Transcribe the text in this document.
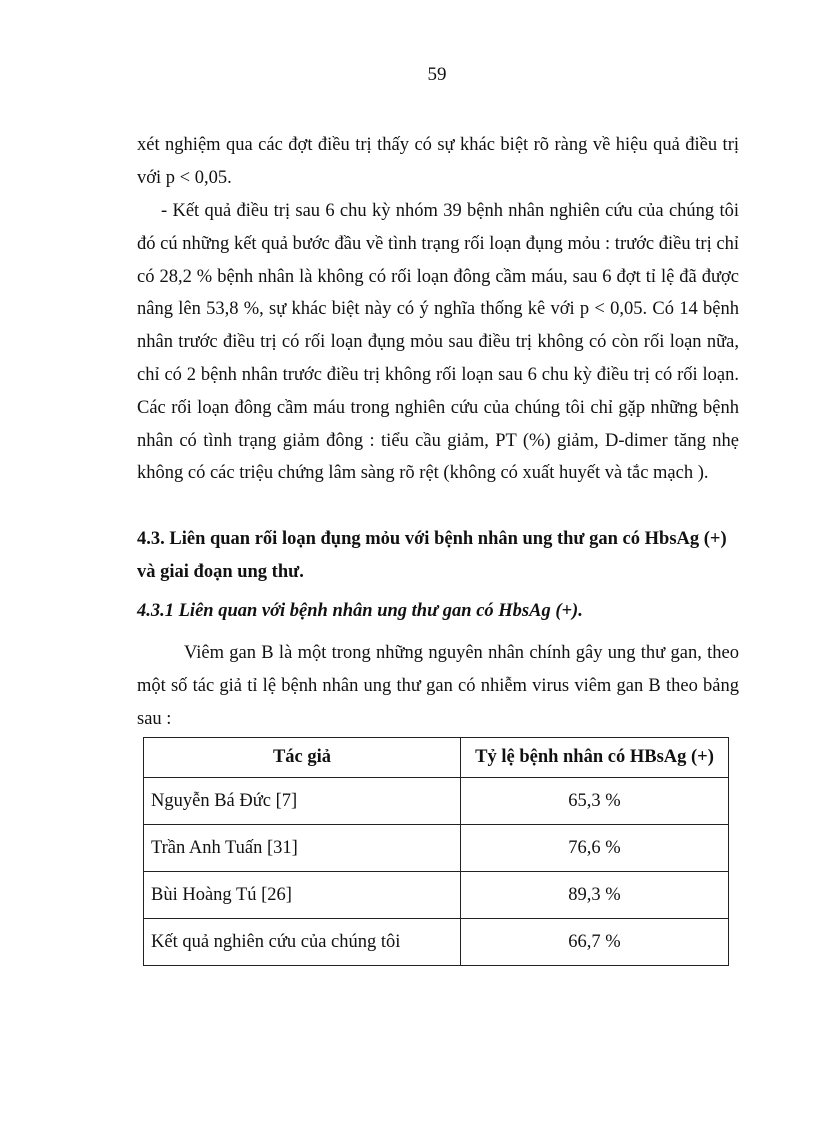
59

xét nghiệm qua các đợt điều trị thấy có sự khác biệt rõ ràng về hiệu quả điều trị với p < 0,05.

- Kết quả điều trị sau 6 chu kỳ nhóm 39 bệnh nhân nghiên cứu của chúng tôi đó cú những kết quả bước đầu về tình trạng rối loạn đụng mỏu : trước điều trị chỉ có 28,2 % bệnh nhân là không có rối loạn đông cầm máu, sau 6 đợt tỉ lệ đã được nâng lên 53,8 %, sự khác biệt này có ý nghĩa thống kê với p < 0,05. Có 14 bệnh nhân trước điều trị có rối loạn đụng mỏu sau điều trị không có còn rối loạn nữa, chỉ có 2 bệnh nhân trước điều trị không rối loạn sau 6 chu kỳ điều trị có rối loạn. Các rối loạn đông cầm máu trong nghiên cứu của chúng tôi chỉ gặp những bệnh nhân có tình trạng giảm đông : tiểu cầu giảm, PT (%) giảm, D-dimer tăng nhẹ không có các triệu chứng lâm sàng rõ rệt (không có xuất huyết và tắc mạch ).

4.3. Liên quan rối loạn đụng mỏu với bệnh nhân ung thư gan có HbsAg (+) và giai đoạn ung thư.
4.3.1 Liên quan với bệnh nhân ung thư gan có HbsAg (+).

Viêm gan B là một trong những nguyên nhân chính gây ung thư gan, theo một số tác giả tỉ lệ bệnh nhân ung thư gan có nhiễm virus viêm gan B theo bảng sau :

Tác giả	Tỷ lệ bệnh nhân có HBsAg (+)
Nguyễn Bá Đức [7]	65,3 %
Trần Anh Tuấn [31]	76,6 %
Bùi Hoàng Tú [26]	89,3 %
Kết quả nghiên cứu của chúng tôi	66,7 %
